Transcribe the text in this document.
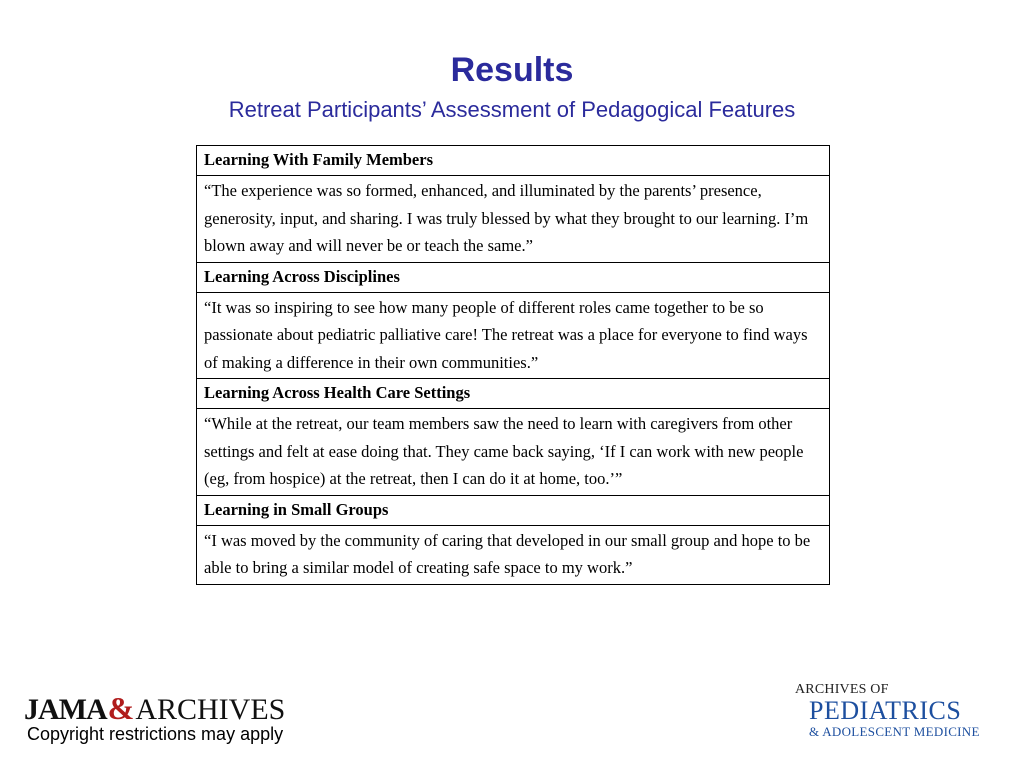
Results
Retreat Participants’ Assessment of Pedagogical Features
Learning With Family Members
“The experience was so formed, enhanced, and illuminated by the parents’ presence, generosity, input, and sharing. I was truly blessed by what they brought to our learning. I’m blown away and will never be or teach the same.”
Learning Across Disciplines
“It was so inspiring to see how many people of different roles came together to be so passionate about pediatric palliative care! The retreat was a place for everyone to find ways of making a difference in their own communities.”
Learning Across Health Care Settings
“While at the retreat, our team members saw the need to learn with caregivers from other settings and felt at ease doing that. They came back saying, ‘If I can work with new people (eg, from hospice) at the retreat, then I can do it at home, too.’”
Learning in Small Groups
“I was moved by the community of caring that developed in our small group and hope to be able to bring a similar model of creating safe space to my work.”
JAMA&ARCHIVES
Copyright restrictions may apply
ARCHIVES OF
PEDIATRICS
& ADOLESCENT MEDICINE
